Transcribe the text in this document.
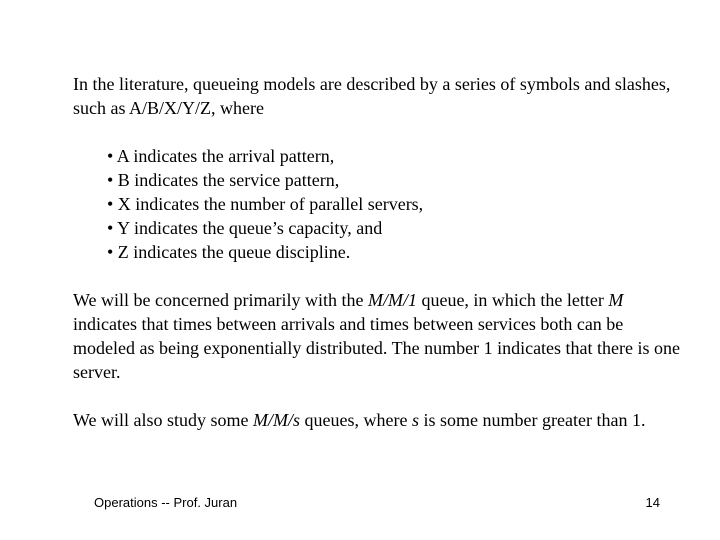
In the literature, queueing models are described by a series of symbols and slashes, such as A/B/X/Y/Z, where
• A indicates the arrival pattern,
• B indicates the service pattern,
• X indicates the number of parallel servers,
• Y indicates the queue’s capacity, and
• Z indicates the queue discipline.
We will be concerned primarily with the M/M/1 queue, in which the letter M indicates that times between arrivals and times between services both can be modeled as being exponentially distributed. The number 1 indicates that there is one server.
We will also study some M/M/s queues, where s is some number greater than 1.
Operations -- Prof. Juran	14
